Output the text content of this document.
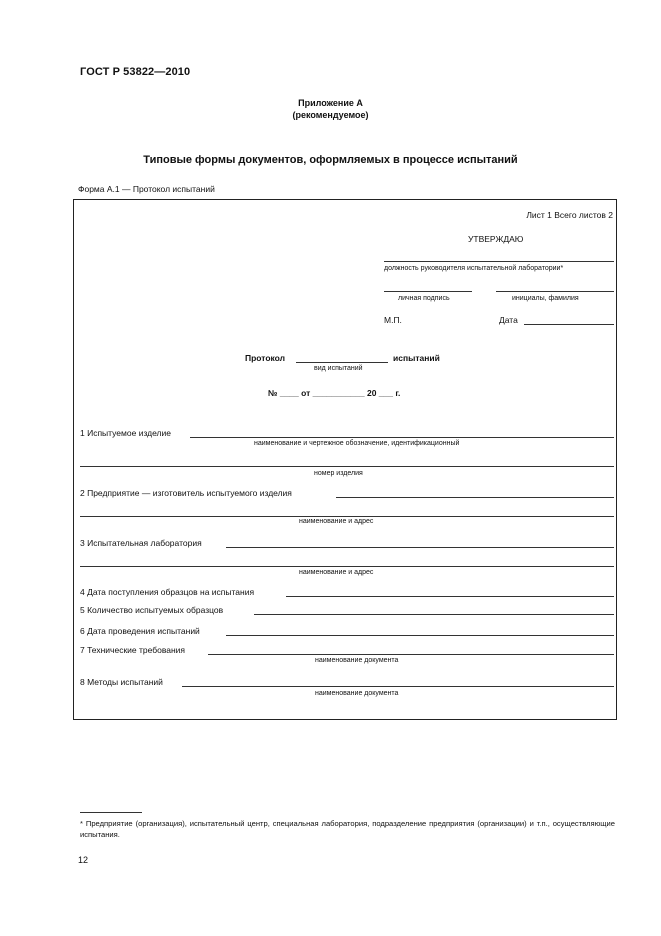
ГОСТ Р 53822—2010
Приложение А
(рекомендуемое)
Типовые формы документов, оформляемых в процессе испытаний
Форма А.1 — Протокол испытаний
Лист 1 Всего листов 2
УТВЕРЖДАЮ
должность руководителя испытательной лаборатории*
личная подпись	инициалы, фамилия
М.П.	Дата
Протокол	испытаний
вид испытаний
№ ____ от ___________ 20 ___ г.
1 Испытуемое изделие
наименование и чертежное обозначение, идентификационный
номер изделия
2 Предприятие — изготовитель испытуемого изделия
наименование и адрес
3 Испытательная лаборатория
наименование и адрес
4 Дата поступления образцов на испытания
5 Количество испытуемых образцов
6 Дата проведения испытаний
7 Технические требования
наименование документа
8 Методы испытаний
наименование документа
* Предприятие (организация), испытательный центр, специальная лаборатория, подразделение предприятия (организации) и т.п., осуществляющие испытания.
12
